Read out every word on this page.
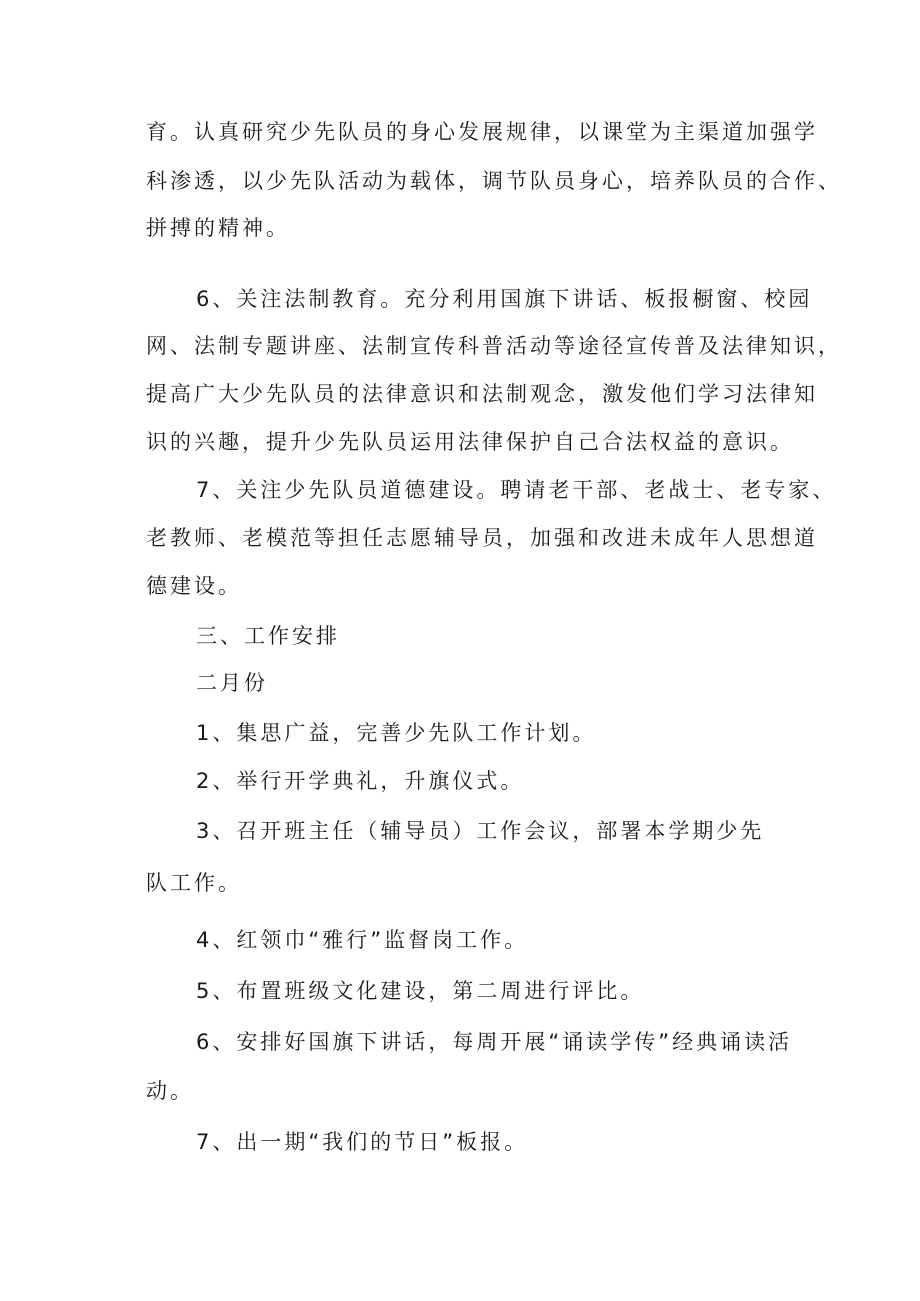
育。认真研究少先队员的身心发展规律，以课堂为主渠道加强学
科渗透，以少先队活动为载体，调节队员身心，培养队员的合作、
拼搏的精神。
6、关注法制教育。充分利用国旗下讲话、板报橱窗、校园
网、法制专题讲座、法制宣传科普活动等途径宣传普及法律知识，
提高广大少先队员的法律意识和法制观念，激发他们学习法律知
识的兴趣，提升少先队员运用法律保护自己合法权益的意识。
7、关注少先队员道德建设。聘请老干部、老战士、老专家、
老教师、老模范等担任志愿辅导员，加强和改进未成年人思想道
德建设。
三、工作安排
二月份
1、集思广益，完善少先队工作计划。
2、举行开学典礼，升旗仪式。
3、召开班主任（辅导员）工作会议，部署本学期少先
队工作。
4、红领巾“雅行”监督岗工作。
5、布置班级文化建设，第二周进行评比。
6、安排好国旗下讲话，每周开展“诵读学传”经典诵读活
动。
7、出一期“我们的节日”板报。
